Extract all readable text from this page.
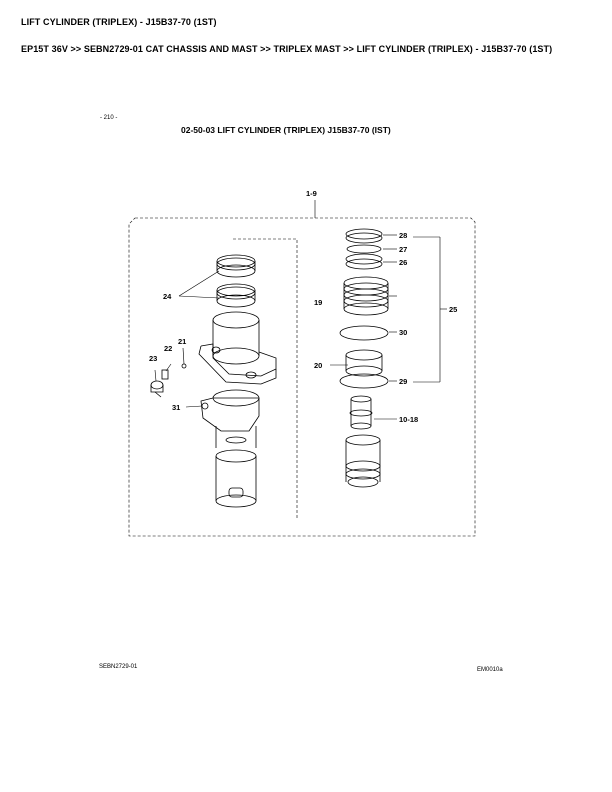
LIFT CYLINDER (TRIPLEX) - J15B37-70 (1ST)
EP15T 36V >> SEBN2729-01 CAT CHASSIS AND MAST >> TRIPLEX MAST >> LIFT CYLINDER (TRIPLEX) - J15B37-70 (1ST)
- 210 -
02-50-03 LIFT CYLINDER (TRIPLEX) J15B37-70 (IST)
1-9
28
27
26
25
19
30
20
29
10-18
24
21
22
23
31
SEBN2729-01	EM0010a
